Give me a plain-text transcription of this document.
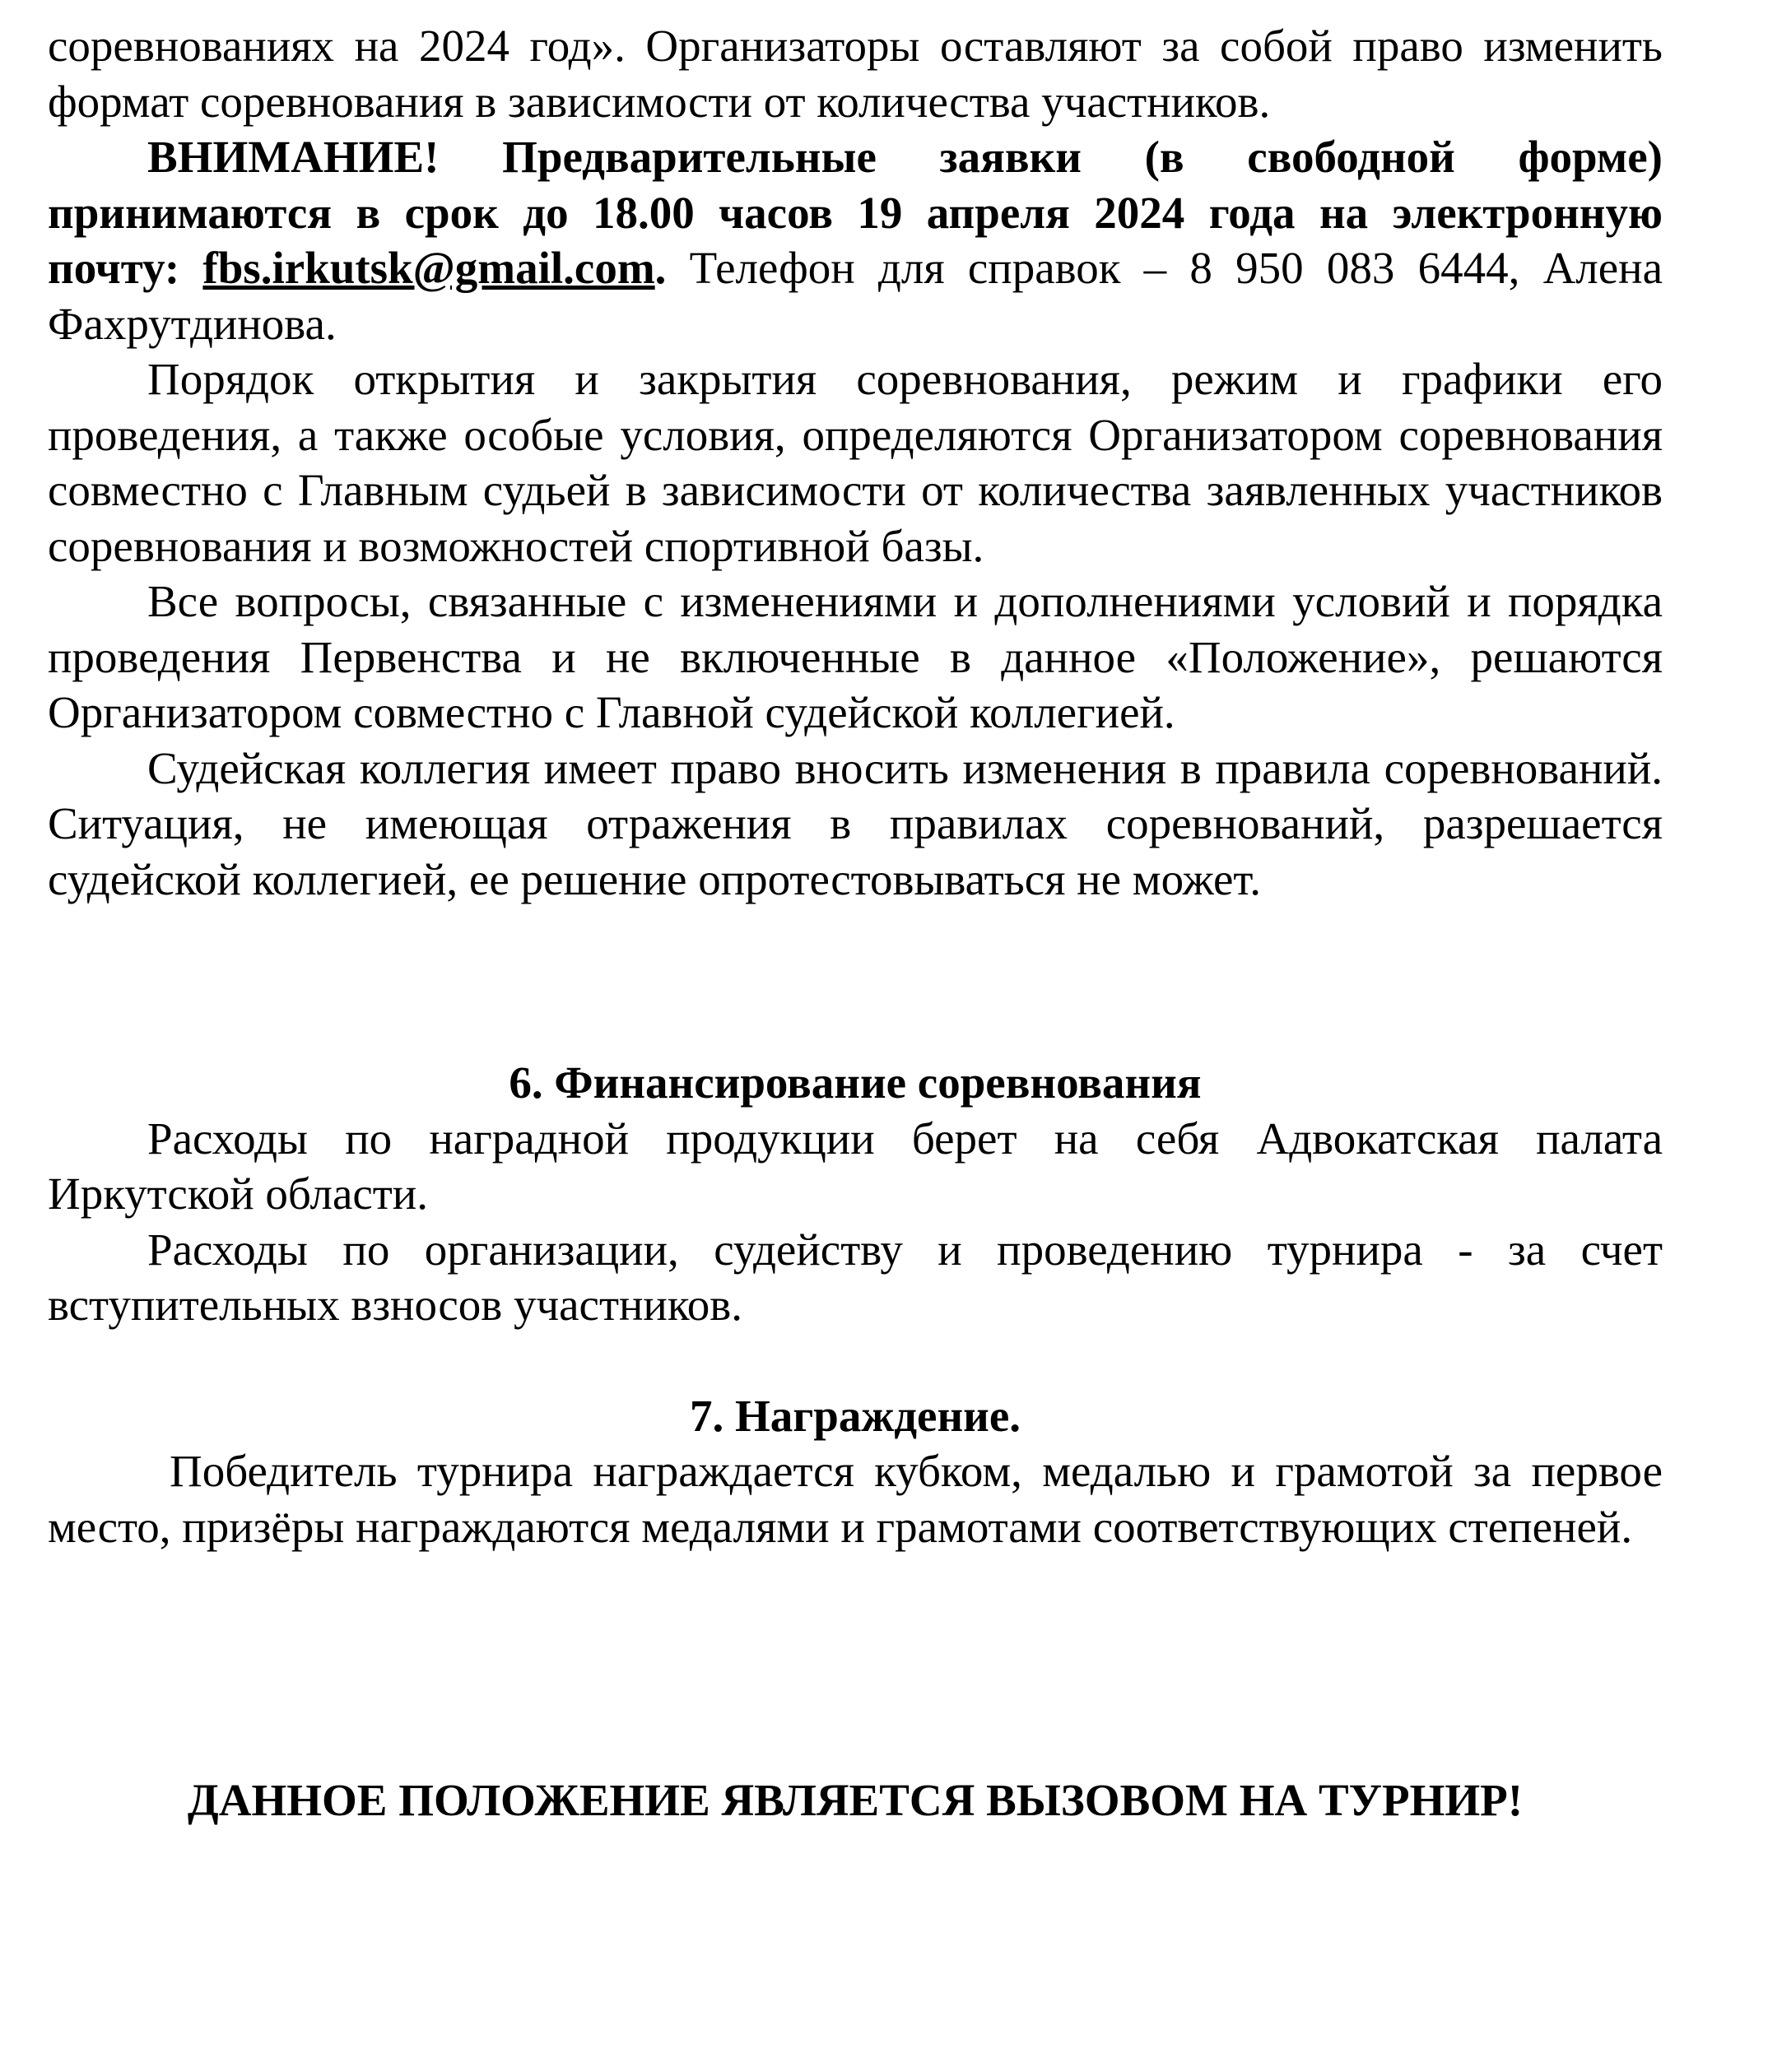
соревнованиях на 2024 год». Организаторы оставляют за собой право изменить формат соревнования в зависимости от количества участников.

ВНИМАНИЕ! Предварительные заявки (в свободной форме) принимаются в срок до 18.00 часов 19 апреля 2024 года на электронную почту: fbs.irkutsk@gmail.com. Телефон для справок – 8 950 083 6444, Алена Фахрутдинова.

Порядок открытия и закрытия соревнования, режим и графики его проведения, а также особые условия, определяются Организатором соревнования совместно с Главным судьей в зависимости от количества заявленных участников соревнования и возможностей спортивной базы.

Все вопросы, связанные с изменениями и дополнениями условий и порядка проведения Первенства и не включенные в данное «Положение», решаются Организатором совместно с Главной судейской коллегией.

Судейская коллегия имеет право вносить изменения в правила соревнований. Ситуация, не имеющая отражения в правилах соревнований, разрешается судейской коллегией, ее решение опротестовываться не может.

6. Финансирование соревнования

Расходы по наградной продукции берет на себя Адвокатская палата Иркутской области.

Расходы по организации, судейству и проведению турнира - за счет вступительных взносов участников.

7. Награждение.

Победитель турнира награждается кубком, медалью и грамотой за первое место, призёры награждаются медалями и грамотами соответствующих степеней.

ДАННОЕ ПОЛОЖЕНИЕ ЯВЛЯЕТСЯ ВЫЗОВОМ НА ТУРНИР!
